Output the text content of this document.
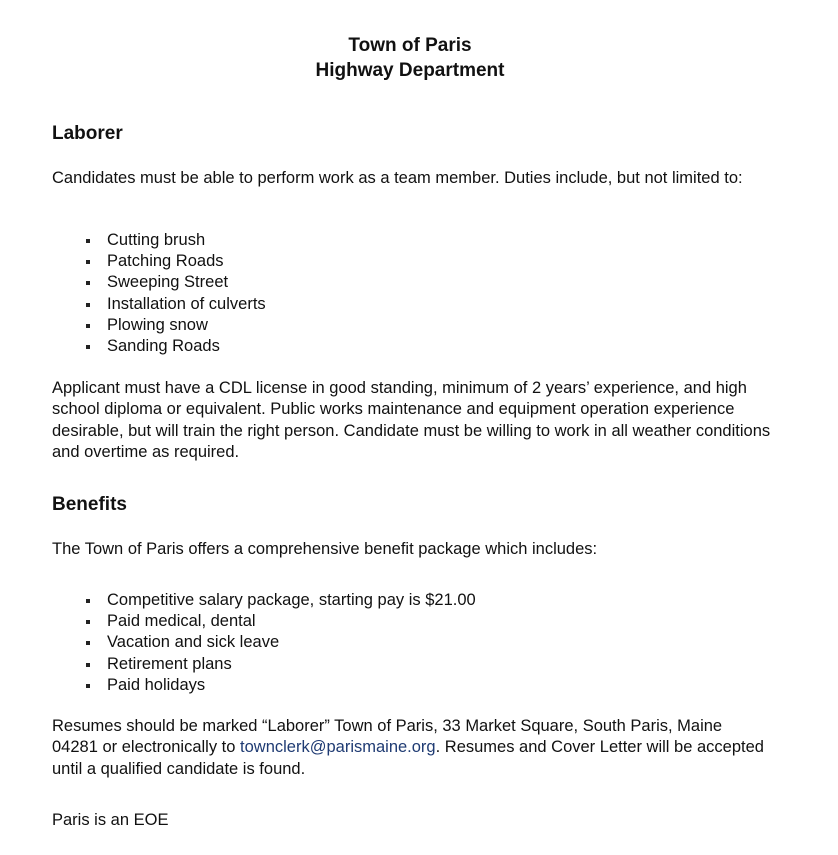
Town of Paris
Highway Department
Laborer

Candidates must be able to perform work as a team member. Duties include, but not limited to:

Cutting brush
Patching Roads
Sweeping Street
Installation of culverts
Plowing snow
Sanding Roads

Applicant must have a CDL license in good standing, minimum of 2 years’ experience, and high school diploma or equivalent. Public works maintenance and equipment operation experience desirable, but will train the right person. Candidate must be willing to work in all weather conditions and overtime as required.

Benefits

The Town of Paris offers a comprehensive benefit package which includes:

Competitive salary package, starting pay is $21.00
Paid medical, dental
Vacation and sick leave
Retirement plans
Paid holidays

Resumes should be marked “Laborer” Town of Paris, 33 Market Square, South Paris, Maine 04281 or electronically to townclerk@parismaine.org. Resumes and Cover Letter will be accepted until a qualified candidate is found.

Paris is an EOE
